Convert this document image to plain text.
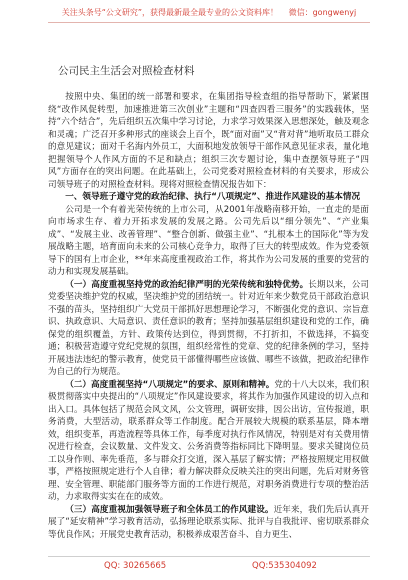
关注头条号“公文研究”，获得最新最全最专业的公文资料库！ 微信：gongwenyj
公司民主生活会对照检查材料

按照中央、集团的统一部署和要求，在集团指导检查组的指导帮助下，紧紧围绕“改作风促转型，加速推进第三次创业”主题和“四查四看三服务”的实践载体，坚持“六个结合”，先后组织五次集中学习讨论，力求学习效果深入思想深处，触及观念和灵魂；广泛召开多种形式的座谈会上百个，既“面对面”又“背对背”地听取员工群众的意见建议；面对千名海内外员工，大面积地发放领导干部作风意见征求表，量化地把握领导个人作风方面的不足和缺点；组织三次专题讨论，集中查摆领导班子“四风”方面存在的突出问题。在此基础上，公司党委对照检查材料的有关要求，形成公司领导班子的对照检查材料。现将对照检查情况报告如下：

一、领导班子遵守党的政治纪律、执行“八项规定”、推进作风建设的基本情况

公司是一个有着光荣传统的上市公司，从2001年战略南移开始，一直走的是面向市场求生存、着力开拓求发展的发展之路。公司先后以“细分领先”、“产业集成”、“发展主业、改善管理”、“整合创新、做强主业”、“扎根本土的国际化”等为发展战略主题，培育面向未来的公司核心竞争力，取得了巨大的转型成效。作为党委领导下的国有上市企业，**年来高度重视政治工作，将其作为公司发展的重要的党营的动力和实现发展基础。

（一）高度重视坚持党的政治纪律严明的光荣传统和独特优势。长期以来，公司党委坚决维护党的权威，坚决维护党的团结统一。针对近年来少数党员干部政治意识不强的苗头，坚持组织广大党员干部抓好思想理论学习，不断强化党的意识、宗旨意识、执政意识、大局意识、责任意识的教育；坚持加强基层组织建设和党的工作，确保党的组织覆盖，方针、政策传达到位，得到贯彻，不打折扣，不做选择，不搞变通；积极营造遵守党纪党规的氛围，组织经常性的党章、党的纪律条例的学习，坚持开展违法违纪的警示教育，使党员干部懂得哪些应该做、哪些不该做，把政治纪律作为自己的行为规范。

（二）高度重视坚持“八项规定”的要求、原则和精神。党的十八大以来，我们积极贯彻落实中央提出的“八项规定”作风建设要求，将其作为加强作风建设的切入点和出入口。具体包括了规范会风文风，公文管理，调研安排，因公出访，宣传报道，职务消费，大型活动，联系群众等工作制度。配合开展较大规模的联系基层，降本增效，组织变革，再造流程等具体工作，每季度对执行作风情况，特别是对有关费用情况进行检查，会议数量、文件发文、公务消费等指标同比下降明显。要求关键岗位员工以身作则、率先垂范，多与群众打交道，深入基层了解实情；严格按照规定用权做事，严格按照规定进行个人自律；着力解决群众反映关注的突出问题，先后对财务管理、安全管理、职能部门服务等方面的工作进行规范，对职务消费进行专项的整治活动，力求取得实实在在的成效。

（三）高度重视加强领导班子和全体员工的作风建设。近年来，我们先后认真开展了“延安精神”学习教育活动，弘扬理论联系实际、批评与自我批评、密切联系群众等优良作风；开展党史教育活动，积极养成艰苦奋斗、自力更生、

QQ: 30265665	QQ:535304092
